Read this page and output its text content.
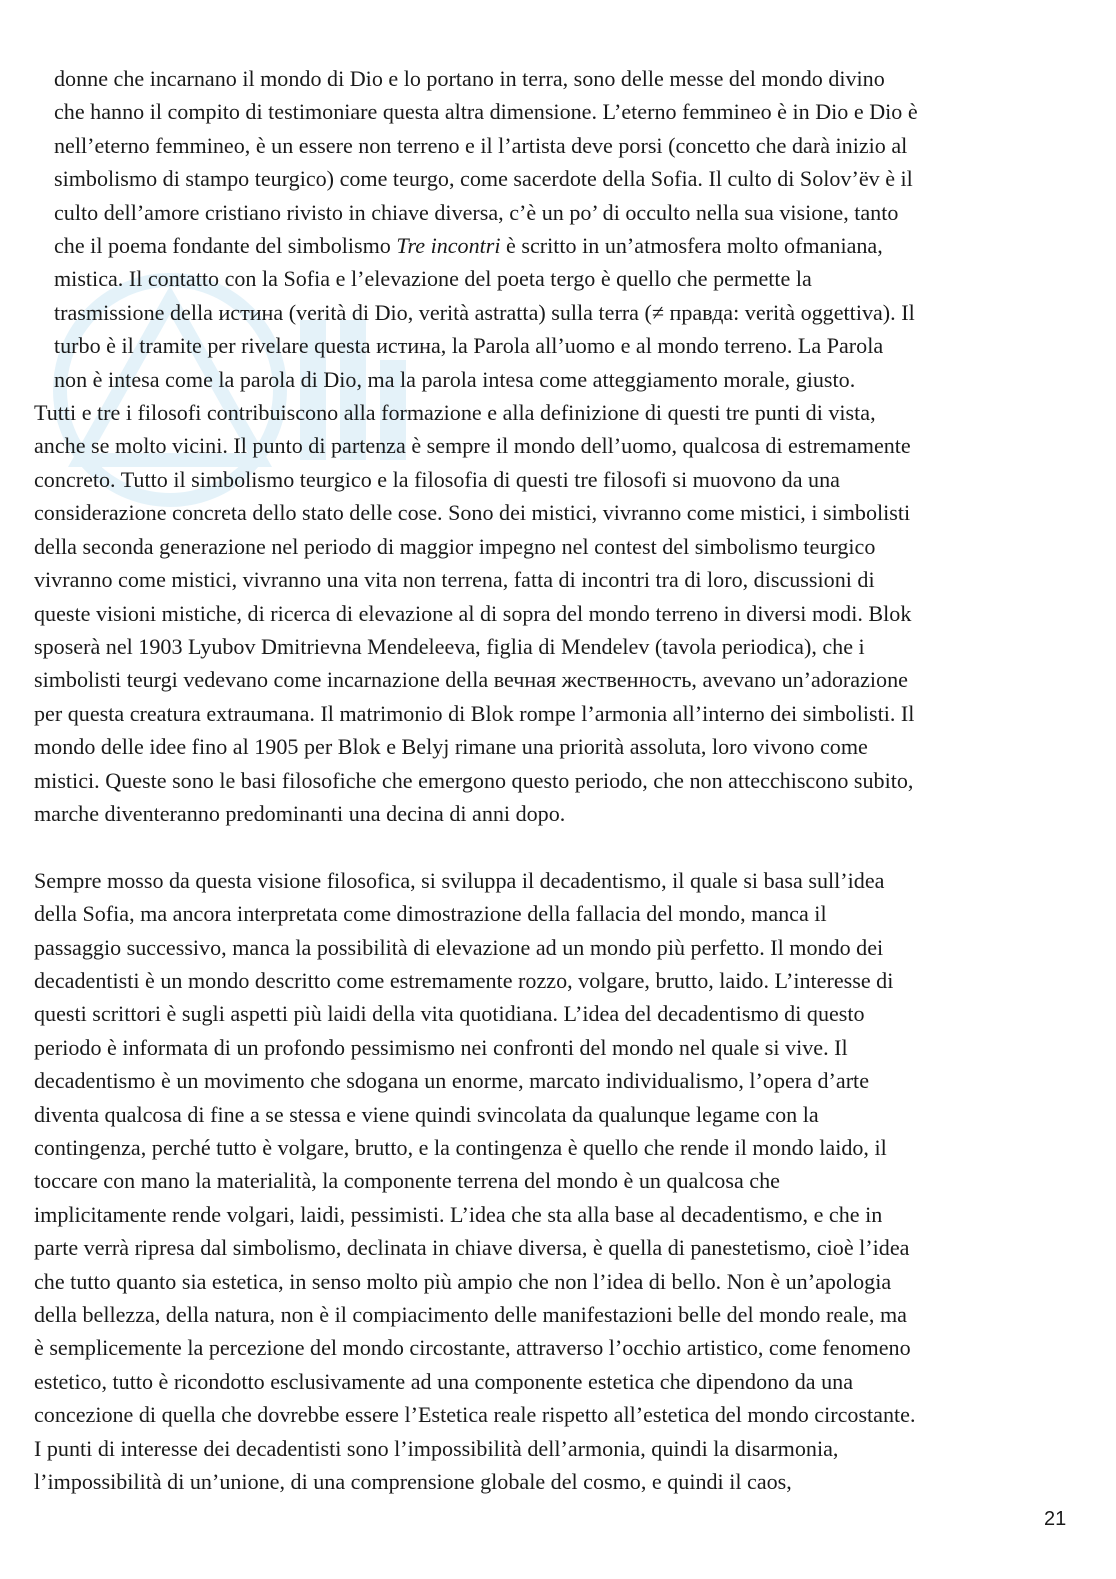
donne che incarnano il mondo di Dio e lo portano in terra, sono delle messe del mondo divino
che hanno il compito di testimoniare questa altra dimensione. L’eterno femmineo è in Dio e Dio è
nell’eterno femmineo, è un essere non terreno e il l’artista deve porsi (concetto che darà inizio al
simbolismo di stampo teurgico) come teurgo, come sacerdote della Sofia. Il culto di Solov’ëv è il
culto dell’amore cristiano rivisto in chiave diversa, c’è un po’ di occulto nella sua visione, tanto
che il poema fondante del simbolismo Tre incontri è scritto in un’atmosfera molto ofmaniana,
mistica. Il contatto con la Sofia e l’elevazione del poeta tergo è quello che permette la
trasmissione della истина (verità di Dio, verità astratta) sulla terra (≠ правда: verità oggettiva). Il
turbo è il tramite per rivelare questa истина, la Parola all’uomo e al mondo terreno. La Parola
non è intesa come la parola di Dio, ma la parola intesa come atteggiamento morale, giusto.
Tutti e tre i filosofi contribuiscono alla formazione e alla definizione di questi tre punti di vista,
anche se molto vicini. Il punto di partenza è sempre il mondo dell’uomo, qualcosa di estremamente
concreto. Tutto il simbolismo teurgico e la filosofia di questi tre filosofi si muovono da una
considerazione concreta dello stato delle cose. Sono dei mistici, vivranno come mistici, i simbolisti
della seconda generazione nel periodo di maggior impegno nel contest del simbolismo teurgico
vivranno come mistici, vivranno una vita non terrena, fatta di incontri tra di loro, discussioni di
queste visioni mistiche, di ricerca di elevazione al di sopra del mondo terreno in diversi modi. Blok
sposerà nel 1903 Lyubov Dmitrievna Mendeleeva, figlia di Mendelev (tavola periodica), che i
simbolisti teurgi vedevano come incarnazione della вечная жественность, avevano un’adorazione
per questa creatura extraumana. Il matrimonio di Blok rompe l’armonia all’interno dei simbolisti. Il
mondo delle idee fino al 1905 per Blok e Belyj rimane una priorità assoluta, loro vivono come
mistici. Queste sono le basi filosofiche che emergono questo periodo, che non attecchiscono subito,
marche diventeranno predominanti una decina di anni dopo.
Sempre mosso da questa visione filosofica, si sviluppa il decadentismo, il quale si basa sull’idea
della Sofia, ma ancora interpretata come dimostrazione della fallacia del mondo, manca il
passaggio successivo, manca la possibilità di elevazione ad un mondo più perfetto. Il mondo dei
decadentisti è un mondo descritto come estremamente rozzo, volgare, brutto, laido. L’interesse di
questi scrittori è sugli aspetti più laidi della vita quotidiana. L’idea del decadentismo di questo
periodo è informata di un profondo pessimismo nei confronti del mondo nel quale si vive. Il
decadentismo è un movimento che sdogana un enorme, marcato individualismo, l’opera d’arte
diventa qualcosa di fine a se stessa e viene quindi svincolata da qualunque legame con la
contingenza, perché tutto è volgare, brutto, e la contingenza è quello che rende il mondo laido, il
toccare con mano la materialità, la componente terrena del mondo è un qualcosa che
implicitamente rende volgari, laidi, pessimisti. L’idea che sta alla base al decadentismo, e che in
parte verrà ripresa dal simbolismo, declinata in chiave diversa, è quella di panestetismo, cioè l’idea
che tutto quanto sia estetica, in senso molto più ampio che non l’idea di bello. Non è un’apologia
della bellezza, della natura, non è il compiacimento delle manifestazioni belle del mondo reale, ma
è semplicemente la percezione del mondo circostante, attraverso l’occhio artistico, come fenomeno
estetico, tutto è ricondotto esclusivamente ad una componente estetica che dipendono da una
concezione di quella che dovrebbe essere l’Estetica reale rispetto all’estetica del mondo circostante.
I punti di interesse dei decadentisti sono l’impossibilità dell’armonia, quindi la disarmonia,
l’impossibilità di un’unione, di una comprensione globale del cosmo, e quindi il caos,
21
